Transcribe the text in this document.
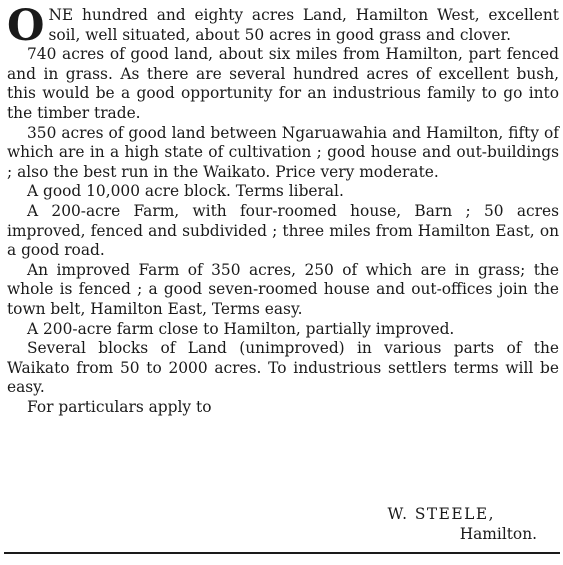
ONE hundred and eighty acres Land, Hamilton West, excellent soil, well situated, about 50 acres in good grass and clover.

740 acres of good land, about six miles from Hamilton, part fenced and in grass. As there are several hundred acres of excellent bush, this would be a good opportunity for an industrious family to go into the timber trade.

350 acres of good land between Ngaruawahia and Hamilton, fifty of which are in a high state of cultivation ; good house and out-buildings ; also the best run in the Waikato. Price very moderate.

A good 10,000 acre block. Terms liberal.

A 200-acre Farm, with four-roomed house, Barn ; 50 acres improved, fenced and subdivided ; three miles from Hamilton East, on a good road.

An improved Farm of 350 acres, 250 of which are in grass; the whole is fenced ; a good seven-roomed house and out-offices join the town belt, Hamilton East, Terms easy.

A 200-acre farm close to Hamilton, partially improved.

Several blocks of Land (unimproved) in various parts of the Waikato from 50 to 2000 acres. To industrious settlers terms will be easy.

For particulars apply to

W. STEELE,
Hamilton.
